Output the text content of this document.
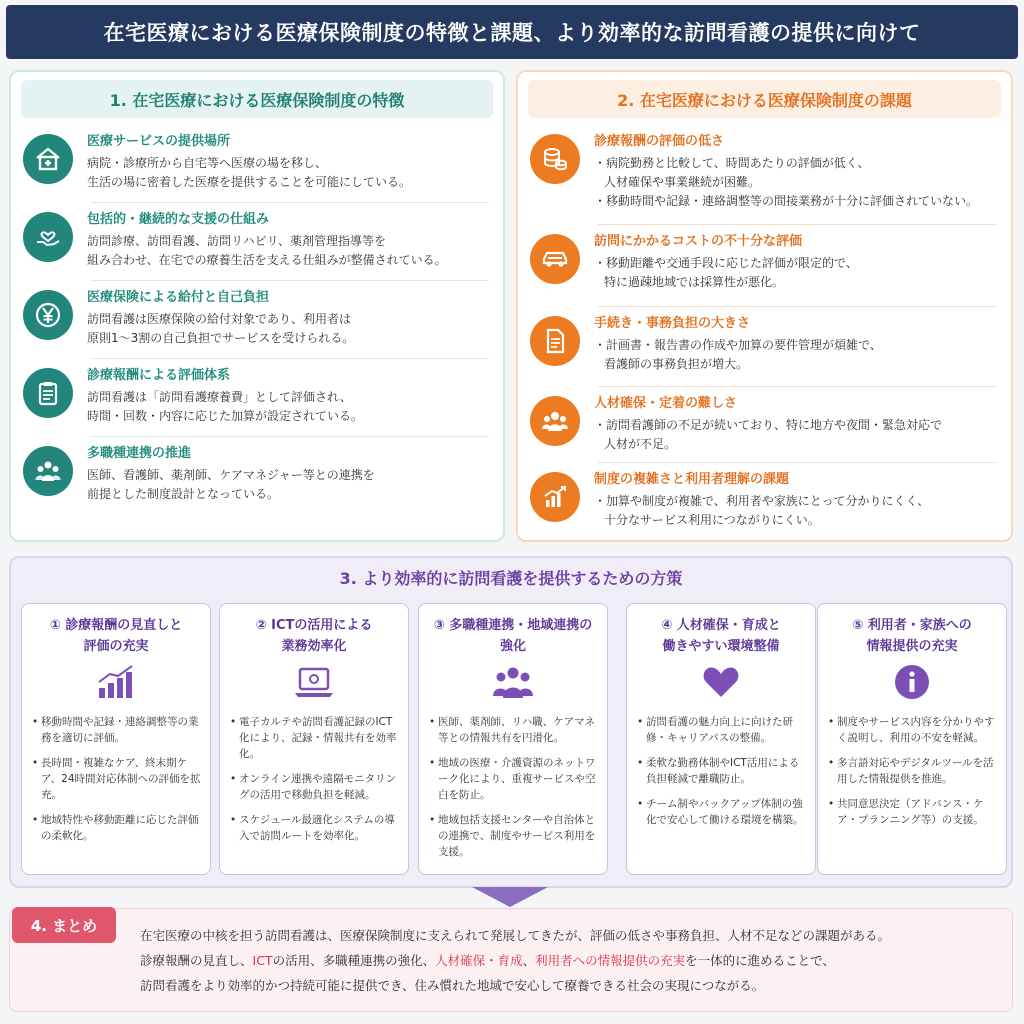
在宅医療における医療保険制度の特徴と課題、より効率的な訪問看護の提供に向けて
1. 在宅医療における医療保険制度の特徴
医療サービスの提供場所
病院・診療所から自宅等へ医療の場を移し、
生活の場に密着した医療を提供することを可能にしている。
包括的・継続的な支援の仕組み
訪問診療、訪問看護、訪問リハビリ、薬剤管理指導等を
組み合わせ、在宅での療養生活を支える仕組みが整備されている。
医療保険による給付と自己負担
訪問看護は医療保険の給付対象であり、利用者は
原則1〜3割の自己負担でサービスを受けられる。
診療報酬による評価体系
訪問看護は「訪問看護療養費」として評価され、
時間・回数・内容に応じた加算が設定されている。
多職種連携の推進
医師、看護師、薬剤師、ケアマネジャー等との連携を
前提とした制度設計となっている。
2. 在宅医療における医療保険制度の課題
診療報酬の評価の低さ
・病院勤務と比較して、時間あたりの評価が低く、
人材確保や事業継続が困難。
・移動時間や記録・連絡調整等の間接業務が十分に評価されていない。
訪問にかかるコストの不十分な評価
・移動距離や交通手段に応じた評価が限定的で、
特に過疎地域では採算性が悪化。
手続き・事務負担の大きさ
・計画書・報告書の作成や加算の要件管理が煩雑で、
看護師の事務負担が増大。
人材確保・定着の難しさ
・訪問看護師の不足が続いており、特に地方や夜間・緊急対応で
人材が不足。
制度の複雑さと利用者理解の課題
・加算や制度が複雑で、利用者や家族にとって分かりにくく、
十分なサービス利用につながりにくい。
3. より効率的に訪問看護を提供するための方策
① 診療報酬の見直しと
評価の充実
• 移動時間や記録・連絡調整等の業務を適切に評価。
• 長時間・複雑なケア、終末期ケア、24時間対応体制への評価を拡充。
• 地域特性や移動距離に応じた評価の柔軟化。
② ICTの活用による
業務効率化
• 電子カルテや訪問看護記録のICT化により、記録・情報共有を効率化。
• オンライン連携や遠隔モニタリングの活用で移動負担を軽減。
• スケジュール最適化システムの導入で訪問ルートを効率化。
③ 多職種連携・地域連携の
強化
• 医師、薬剤師、リハ職、ケアマネ等との情報共有を円滑化。
• 地域の医療・介護資源のネットワーク化により、重複サービスや空白を防止。
• 地域包括支援センターや自治体との連携で、制度やサービス利用を支援。
④ 人材確保・育成と
働きやすい環境整備
• 訪問看護の魅力向上に向けた研修・キャリアパスの整備。
• 柔軟な勤務体制やICT活用による負担軽減で離職防止。
• チーム制やバックアップ体制の強化で安心して働ける環境を構築。
⑤ 利用者・家族への
情報提供の充実
• 制度やサービス内容を分かりやすく説明し、利用の不安を軽減。
• 多言語対応やデジタルツールを活用した情報提供を推進。
• 共同意思決定（アドバンス・ケア・プランニング等）の支援。
4. まとめ
在宅医療の中核を担う訪問看護は、医療保険制度に支えられて発展してきたが、評価の低さや事務負担、人材不足などの課題がある。
診療報酬の見直し、ICTの活用、多職種連携の強化、人材確保・育成、利用者への情報提供の充実を一体的に進めることで、
訪問看護をより効率的かつ持続可能に提供でき、住み慣れた地域で安心して療養できる社会の実現につながる。
